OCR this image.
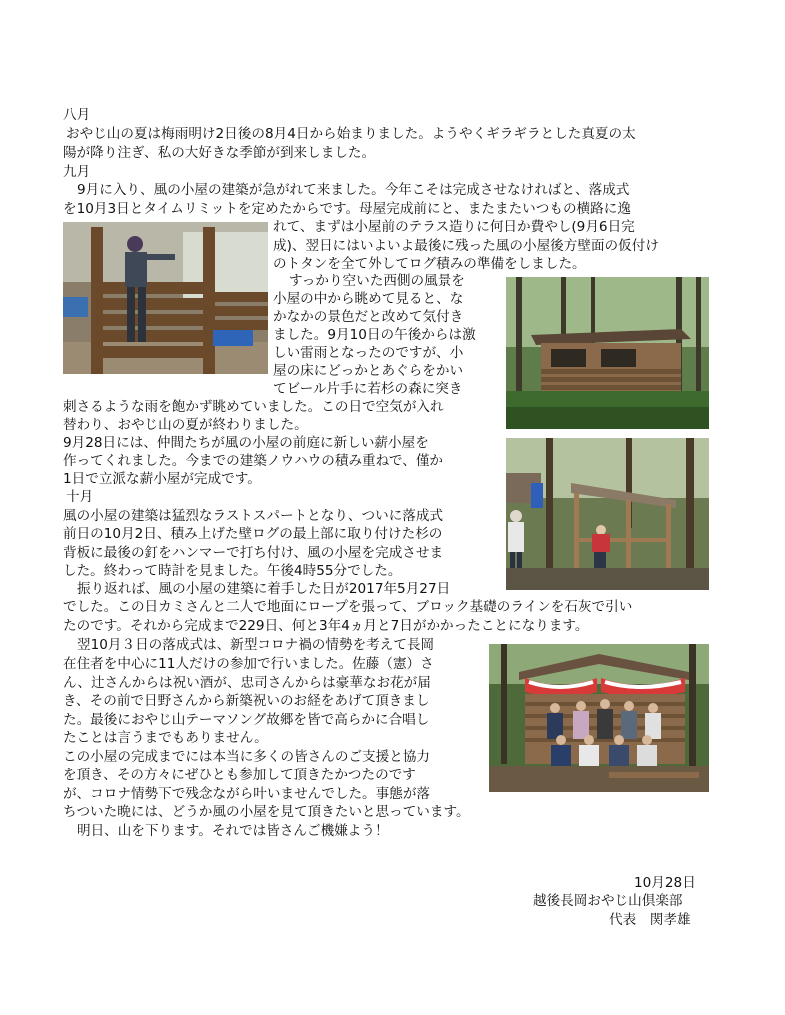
八月
おやじ山の夏は梅雨明け2日後の8月4日から始まりました。ようやくギラギラとした真夏の太
陽が降り注ぎ、私の大好きな季節が到来しました。
九月
9月に入り、風の小屋の建築が急がれて来ました。今年こそは完成させなければと、落成式
を10月3日とタイムリミットを定めたからです。母屋完成前にと、またまたいつもの横路に逸
れて、まずは小屋前のテラス造りに何日か費やし(9月6日完
成)、翌日にはいよいよ最後に残った風の小屋後方壁面の仮付け
のトタンを全て外してログ積みの準備をしました。
すっかり空いた西側の風景を
小屋の中から眺めて見ると、な
かなかの景色だと改めて気付き
ました。9月10日の午後からは激
しい雷雨となったのですが、小
屋の床にどっかとあぐらをかい
てビール片手に若杉の森に突き
刺さるような雨を飽かず眺めていました。この日で空気が入れ
替わり、おやじ山の夏が終わりました。
9月28日には、仲間たちが風の小屋の前庭に新しい薪小屋を
作ってくれました。今までの建築ノウハウの積み重ねで、僅か
1日で立派な薪小屋が完成です。
十月
風の小屋の建築は猛烈なラストスパートとなり、ついに落成式
前日の10月2日、積み上げた壁ログの最上部に取り付けた杉の
背板に最後の釘をハンマーで打ち付け、風の小屋を完成させま
した。終わって時計を見ました。午後4時55分でした。
振り返れば、風の小屋の建築に着手した日が2017年5月27日
でした。この日カミさんと二人で地面にロープを張って、ブロック基礎のラインを石灰で引い
たのです。それから完成まで229日、何と3年4ヵ月と7日がかかったことになります。
翌10月３日の落成式は、新型コロナ禍の情勢を考えて長岡
在住者を中心に11人だけの参加で行いました。佐藤（憲）さ
ん、辻さんからは祝い酒が、忠司さんからは豪華なお花が届
き、その前で日野さんから新築祝いのお経をあげて頂きまし
た。最後におやじ山テーマソング故郷を皆で高らかに合唱し
たことは言うまでもありません。
この小屋の完成までには本当に多くの皆さんのご支援と協力
を頂き、その方々にぜひとも参加して頂きたかつたのです
が、コロナ情勢下で残念ながら叶いませんでした。事態が落
ちついた晩には、どうか風の小屋を見て頂きたいと思っています。
明日、山を下ります。それでは皆さんご機嫌よう！
10月28日
越後長岡おやじ山倶楽部
代表　関孝雄
